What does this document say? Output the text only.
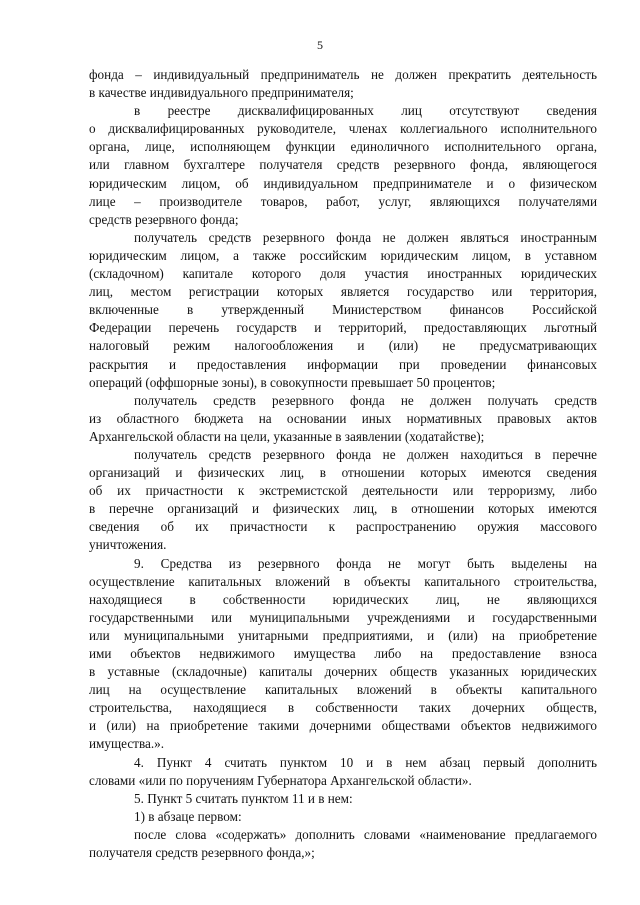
5
фонда – индивидуальный предприниматель не должен прекратить деятельность
в качестве индивидуального предпринимателя;
в реестре дисквалифицированных лиц отсутствуют сведения
о дисквалифицированных руководителе, членах коллегиального исполнительного
органа, лице, исполняющем функции единоличного исполнительного органа,
или главном бухгалтере получателя средств резервного фонда, являющегося
юридическим лицом, об индивидуальном предпринимателе и о физическом
лице – производителе товаров, работ, услуг, являющихся получателями
средств резервного фонда;
получатель средств резервного фонда не должен являться иностранным
юридическим лицом, а также российским юридическим лицом, в уставном
(складочном) капитале которого доля участия иностранных юридических
лиц, местом регистрации которых является государство или территория,
включенные в утвержденный Министерством финансов Российской
Федерации перечень государств и территорий, предоставляющих льготный
налоговый режим налогообложения и (или) не предусматривающих
раскрытия и предоставления информации при проведении финансовых
операций (оффшорные зоны), в совокупности превышает 50 процентов;
получатель средств резервного фонда не должен получать средств
из областного бюджета на основании иных нормативных правовых актов
Архангельской области на цели, указанные в заявлении (ходатайстве);
получатель средств резервного фонда не должен находиться в перечне
организаций и физических лиц, в отношении которых имеются сведения
об их причастности к экстремистской деятельности или терроризму, либо
в перечне организаций и физических лиц, в отношении которых имеются
сведения об их причастности к распространению оружия массового
уничтожения.
9. Средства из резервного фонда не могут быть выделены на
осуществление капитальных вложений в объекты капитального строительства,
находящиеся в собственности юридических лиц, не являющихся
государственными или муниципальными учреждениями и государственными
или муниципальными унитарными предприятиями, и (или) на приобретение
ими объектов недвижимого имущества либо на предоставление взноса
в уставные (складочные) капиталы дочерних обществ указанных юридических
лиц на осуществление капитальных вложений в объекты капитального
строительства, находящиеся в собственности таких дочерних обществ,
и (или) на приобретение такими дочерними обществами объектов недвижимого
имущества.».
4. Пункт 4 считать пунктом 10 и в нем абзац первый дополнить
словами «или по поручениям Губернатора Архангельской области».
5. Пункт 5 считать пунктом 11 и в нем:
1) в абзаце первом:
после слова «содержать» дополнить словами «наименование предлагаемого
получателя средств резервного фонда,»;
